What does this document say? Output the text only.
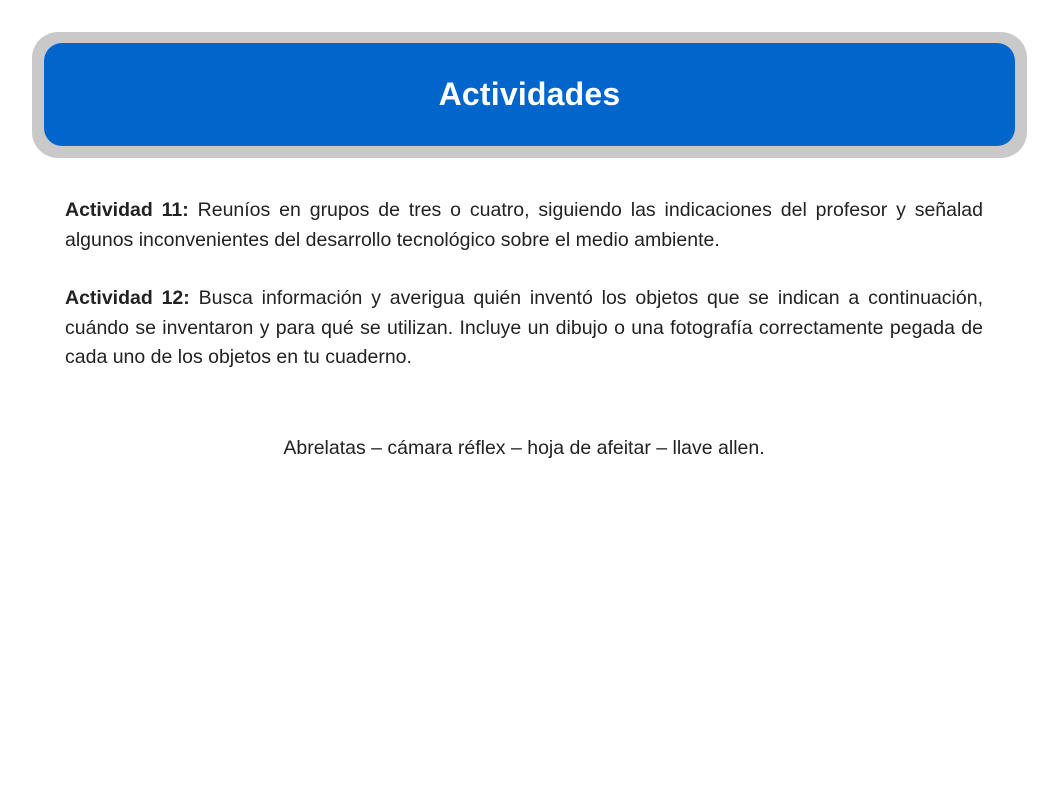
Actividades

Actividad 11: Reuníos en grupos de tres o cuatro, siguiendo las indicaciones del profesor y señalad algunos inconvenientes del desarrollo tecnológico sobre el medio ambiente.

Actividad 12: Busca información y averigua quién inventó los objetos que se indican a continuación, cuándo se inventaron y para qué se utilizan. Incluye un dibujo o una fotografía correctamente pegada de cada uno de los objetos en tu cuaderno.

Abrelatas – cámara réflex – hoja de afeitar – llave allen.
